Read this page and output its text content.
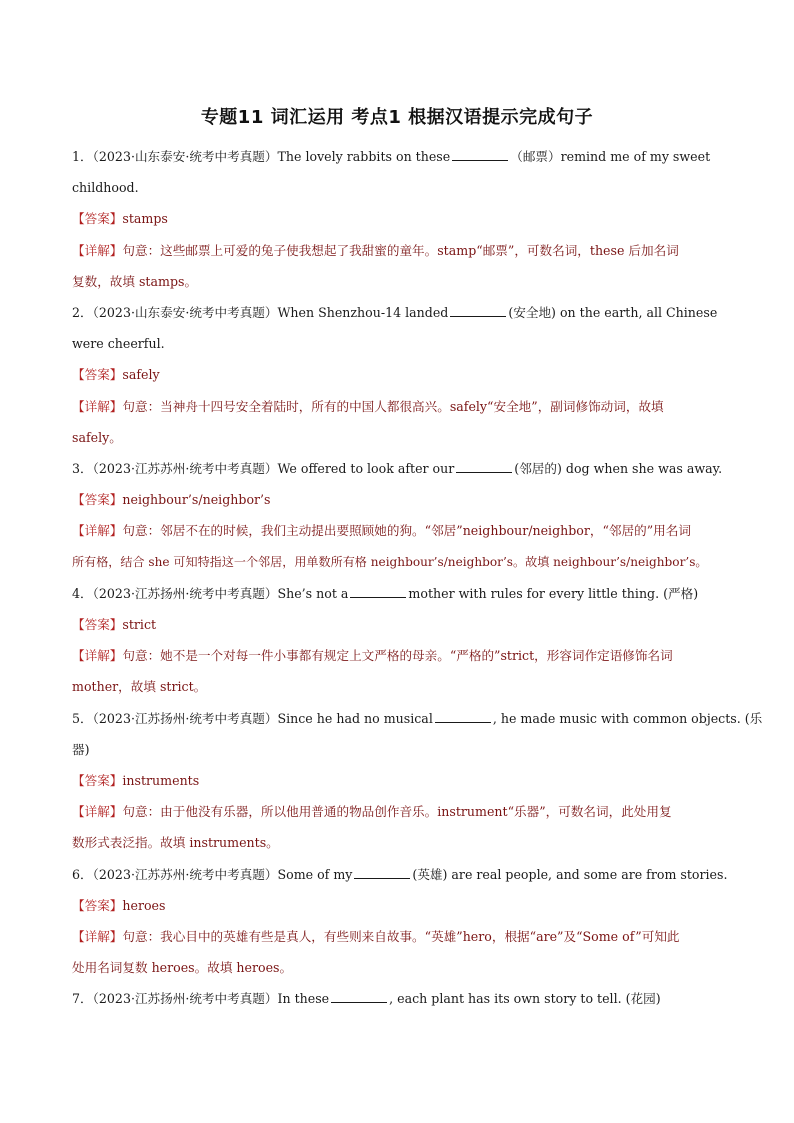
专题11 词汇运用 考点1 根据汉语提示完成句子
1．（2023·山东泰安·统考中考真题）The lovely rabbits on these	（邮票）remind me of my sweet
childhood.
【答案】stamps
【详解】句意：这些邮票上可爱的兔子使我想起了我甜蜜的童年。stamp“邮票”，可数名词，these 后加名词
复数，故填 stamps。
2．（2023·山东泰安·统考中考真题）When Shenzhou-14 landed	(安全地) on the earth, all Chinese
were cheerful.
【答案】safely
【详解】句意：当神舟十四号安全着陆时，所有的中国人都很高兴。safely“安全地”，副词修饰动词，故填
safely。
3．（2023·江苏苏州·统考中考真题）We offered to look after our	(邻居的) dog when she was away.
【答案】neighbour’s/neighbor’s
【详解】句意：邻居不在的时候，我们主动提出要照顾她的狗。“邻居”neighbour/neighbor，“邻居的”用名词
所有格，结合 she 可知特指这一个邻居，用单数所有格 neighbour’s/neighbor’s。故填 neighbour’s/neighbor’s。
4．（2023·江苏扬州·统考中考真题）She’s not a	mother with rules for every little thing. (严格)
【答案】strict
【详解】句意：她不是一个对每一件小事都有规定上文严格的母亲。“严格的”strict，形容词作定语修饰名词
mother，故填 strict。
5．（2023·江苏扬州·统考中考真题）Since he had no musical	, he made music with common objects. (乐
器)
【答案】instruments
【详解】句意：由于他没有乐器，所以他用普通的物品创作音乐。instrument“乐器”，可数名词，此处用复
数形式表泛指。故填 instruments。
6．（2023·江苏苏州·统考中考真题）Some of my	(英雄) are real people, and some are from stories.
【答案】heroes
【详解】句意：我心目中的英雄有些是真人，有些则来自故事。“英雄”hero，根据“are”及“Some of”可知此
处用名词复数 heroes。故填 heroes。
7．（2023·江苏扬州·统考中考真题）In these	, each plant has its own story to tell. (花园)
